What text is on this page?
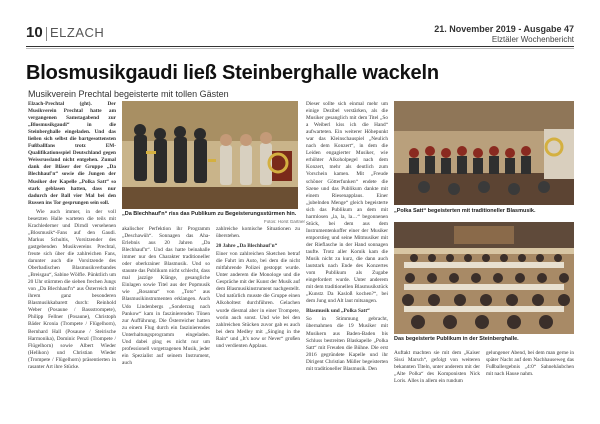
10 ELZACH	21. November 2019 - Ausgabe 47
Elztäler Wochenbericht
Blosmusikgaudi ließ Steinberghalle wackeln
Musikverein Prechtal begeisterte mit tollen Gästen
Elzach-Prechtal (ght). Der Musikverein Prechtal hatte am vergangenen Samstagabend zur „Blosmusikgaudi“ in die Steinberghalle eingeladen. Und das ließen sich selbst die bartgesottensten Fußballfans trotz EM-Qualifikationsspiel Deutschland gegen Weissrussland nicht entgehen. Zumal dank der Bläser der Gruppe „Da Blechhauf'n“ sowie die Jungen der Musiker der Kapelle „Polka Satt“ so stark geblasen hatten, dass nur dadurch der Ball vier Mal bei den Russen ins Tor gesprungen sein soll.

Wie auch immer, in der voll besetzten Halle warteten die teils mit Krachlederner und Dirndl versehenen „Blosmusik“-Fans auf den Gaudi. Markus Schultis, Vorsitzender des gastgebenden Musikvereins Prechtal, freute sich über die zahlreichen Fans, darunter auch die Vorsitzende des Oberbadischen Blasmusikverbandes „Breisgau“, Sabine Wölfle. Pünktlich um 20 Uhr stürmten die sieben frechen Jungs von „Da Blechhauf'n“ aus Österreich mit ihrem ganz besonderen Blasmusikkabarett durch: Reinhold Weber (Posaune / Bassstrompete), Philipp Fellner (Posaune), Christoph Bäder Kronia (Trompete / Flügelhorn), Bernhard Hall (Posaune / Steirische Harmonika), Dominic Penzl (Trompete / Flügelhorn) sowie Albert Wieder (Helikon) und Christian Wieder (Trompete / Flügelhorn) präsentierten in rasanter Art ihre Stücke.
„Da Blechhauf'n“ riss das Publikum zu Begeisterungsstürmen hin.
Fotos: Horst Gartner
akalischer Perfektion ihr Programm „Deschawüh“. Sonnagen das Aha-Erlebnis aus 20 Jahren „Da Blechhauf'n“. Und das hatte beinahalle immer nur den Charakter traditioneller oder oberkrainer Blasmusik. Und so staunte das Publikum nicht schlecht, dass mal jazzige Klänge, gesangliche Einlagen sowie Titel aus der Popmusik wie „Rosanna“ von „Toto“ aus Blasmusikinstrumenten erklangen. Auch Udo Lindenbergs „Sonderzug nach Pankow“ kam in faszinierenden Tönen zur Aufführung. Die Österreicher hatten zu einem Flug durch ein faszinierendes Unterhaltungsprogramm eingeladen. Und dabei ging es nicht nur um professionell vorgetragenen Musik, jeder ein Spezialist auf seinem Instrument, auch
zahlreiche komische Situationen zu überstehen.
20 Jahre „Da Blechhauf'n“
Einer von zahlreichen Sketchen betraf die Fahrt im Auto, bei dem die nicht mitfahrende Polizei gestoppt wurde. Unter anderem die Monologe und die Gespräche mit der Kunst der Musik auf dem Blasmusikinstrument nachgestellt. Und natürlich musste die Gruppe einen Alkoholtest durchführen. Gelachen wurde diesmal aber in einer Trompete, worin auch sonst. Und wie bei den zahlreichen Stücken zuvor gab es auch bei dem Medley mit „Singing in the Rain“ und „It's now or Never“ großen und verdienten Applaus.
Dieser sollte sich einmal mehr um einige Dezibel verstärken, als die Musiker gesanglich mit dem Titel „So a Weiberl kiss ich die Hand“ aufwarteten. Ein weiterer Höhepunkt war das Kleinschauspiel „Neulich nach dem Konzert“, in dem die Leiden engagierter Musiker, wie erhöhter Alkoholpegel nach dem Konzert, mehr als deutlich zum Vorschein kamen. Mit „Freude schöner Götterfunken“ endete die Szene und das Publikum dankte mit einem Riesenapplaus. Einer „jubelnden Menge“ gleich begeisterte sich das Publikum an dem mit harmlosen „la, la, la…“ begonnenen Stück, bei dem aus dem Instrumentenkoffer einer der Musiker emporstieg und seine Mitmusiker mit der Rieflasche in der Hand sonnagen taufte. Trotz aller Komik kam die Musik nicht zu kurz, die dann auch lautstark nach Ende des Konzertes vom Publikum als Zugabe eingefordert wurde. Unter anderem mit dem traditionellen Blasmusikstück „Kunstz Da Kasloß kochen?“, bei dem Jung und Alt laut mitsangen.
Blasmusik und „Polka Satt“
So in Stimmung gebracht, übernahmen die 19 Musiker mit Musikern aus Baden-Baden bis Schluss bestreiten Blaskapelle „Polka Satt“ mit Freuden die Bühne. Die erst 2016 gegründete Kapelle und ihr Dirigent Christian Müller begeisterten mit traditioneller Blasmusik. Den
„Polka Satt“ begeisterten mit traditioneller Blasmusik.
Das begeisterte Publikum in der Steinberghalle.
Auftakt machten sie mit dem „Kaiser Sissi Marsch“, gefolgt von weiteren bekannten Titeln, unter anderem mit der „Alte Polka“ des Komponisten Nick Loris. Alles in allem ein rundum
gelungener Abend, bei dem man gerne in später Nacht auf dem Nachhauseweg das Fußballergebnis „4:0“ Sahnehäubchen mit nach Hause nahm.
